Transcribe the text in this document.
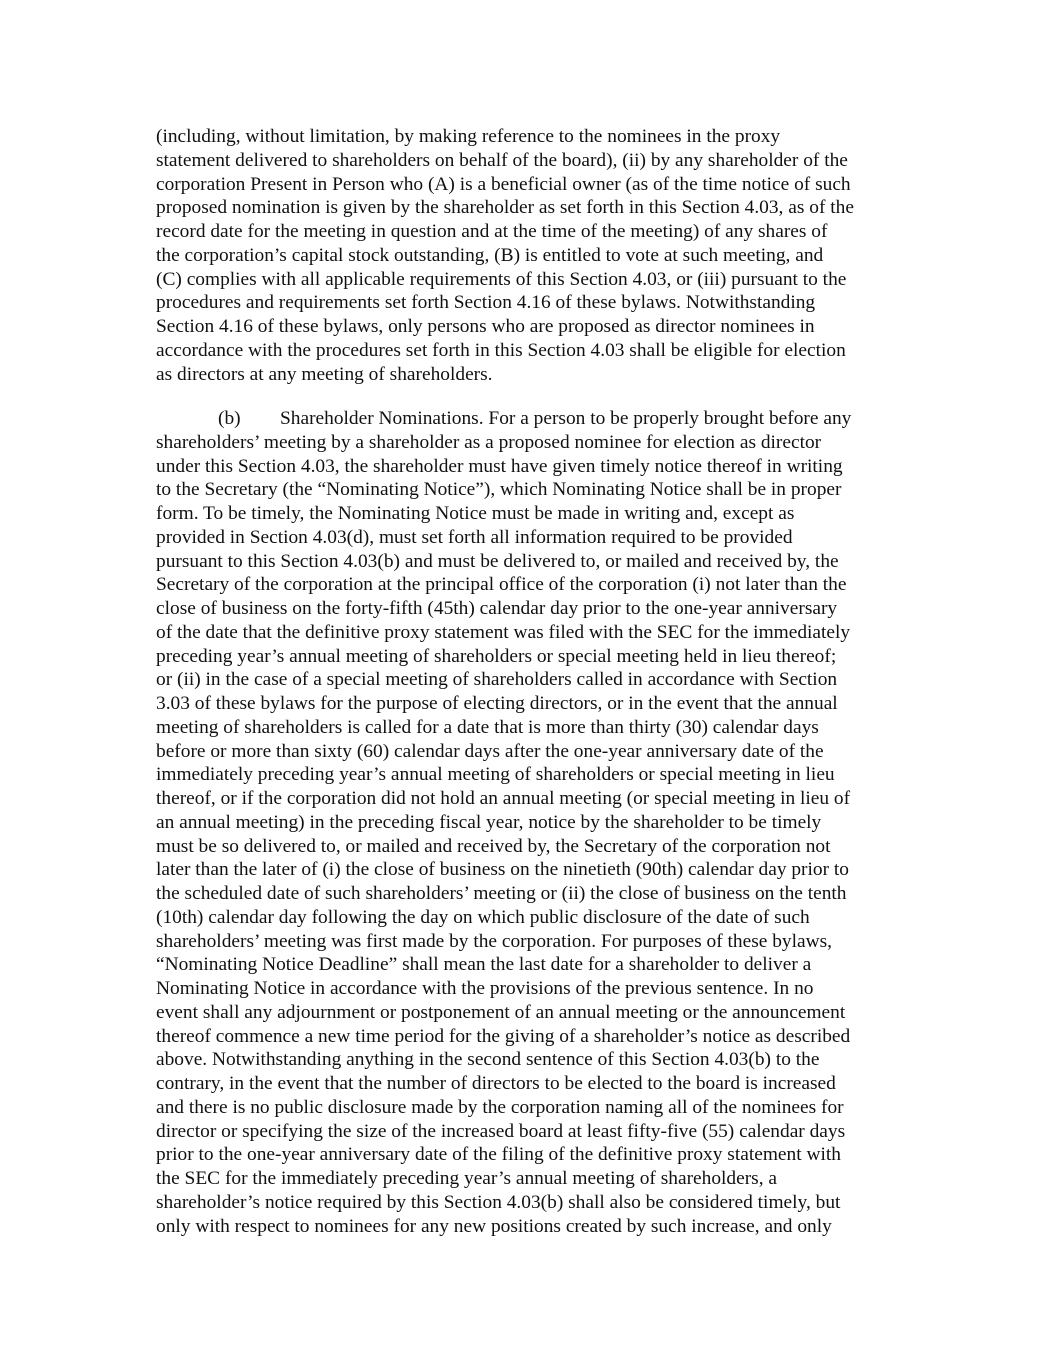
(including, without limitation, by making reference to the nominees in the proxy
statement delivered to shareholders on behalf of the board), (ii) by any shareholder of the
corporation Present in Person who (A) is a beneficial owner (as of the time notice of such
proposed nomination is given by the shareholder as set forth in this Section 4.03, as of the
record date for the meeting in question and at the time of the meeting) of any shares of
the corporation’s capital stock outstanding, (B) is entitled to vote at such meeting, and
(C) complies with all applicable requirements of this Section 4.03, or (iii) pursuant to the
procedures and requirements set forth Section 4.16 of these bylaws. Notwithstanding
Section 4.16 of these bylaws, only persons who are proposed as director nominees in
accordance with the procedures set forth in this Section 4.03 shall be eligible for election
as directors at any meeting of shareholders.
(b) Shareholder Nominations. For a person to be properly brought before any
shareholders’ meeting by a shareholder as a proposed nominee for election as director
under this Section 4.03, the shareholder must have given timely notice thereof in writing
to the Secretary (the “Nominating Notice”), which Nominating Notice shall be in proper
form. To be timely, the Nominating Notice must be made in writing and, except as
provided in Section 4.03(d), must set forth all information required to be provided
pursuant to this Section 4.03(b) and must be delivered to, or mailed and received by, the
Secretary of the corporation at the principal office of the corporation (i) not later than the
close of business on the forty-fifth (45th) calendar day prior to the one-year anniversary
of the date that the definitive proxy statement was filed with the SEC for the immediately
preceding year’s annual meeting of shareholders or special meeting held in lieu thereof;
or (ii) in the case of a special meeting of shareholders called in accordance with Section
3.03 of these bylaws for the purpose of electing directors, or in the event that the annual
meeting of shareholders is called for a date that is more than thirty (30) calendar days
before or more than sixty (60) calendar days after the one-year anniversary date of the
immediately preceding year’s annual meeting of shareholders or special meeting in lieu
thereof, or if the corporation did not hold an annual meeting (or special meeting in lieu of
an annual meeting) in the preceding fiscal year, notice by the shareholder to be timely
must be so delivered to, or mailed and received by, the Secretary of the corporation not
later than the later of (i) the close of business on the ninetieth (90th) calendar day prior to
the scheduled date of such shareholders’ meeting or (ii) the close of business on the tenth
(10th) calendar day following the day on which public disclosure of the date of such
shareholders’ meeting was first made by the corporation. For purposes of these bylaws,
“Nominating Notice Deadline” shall mean the last date for a shareholder to deliver a
Nominating Notice in accordance with the provisions of the previous sentence. In no
event shall any adjournment or postponement of an annual meeting or the announcement
thereof commence a new time period for the giving of a shareholder’s notice as described
above. Notwithstanding anything in the second sentence of this Section 4.03(b) to the
contrary, in the event that the number of directors to be elected to the board is increased
and there is no public disclosure made by the corporation naming all of the nominees for
director or specifying the size of the increased board at least fifty-five (55) calendar days
prior to the one-year anniversary date of the filing of the definitive proxy statement with
the SEC for the immediately preceding year’s annual meeting of shareholders, a
shareholder’s notice required by this Section 4.03(b) shall also be considered timely, but
only with respect to nominees for any new positions created by such increase, and only
